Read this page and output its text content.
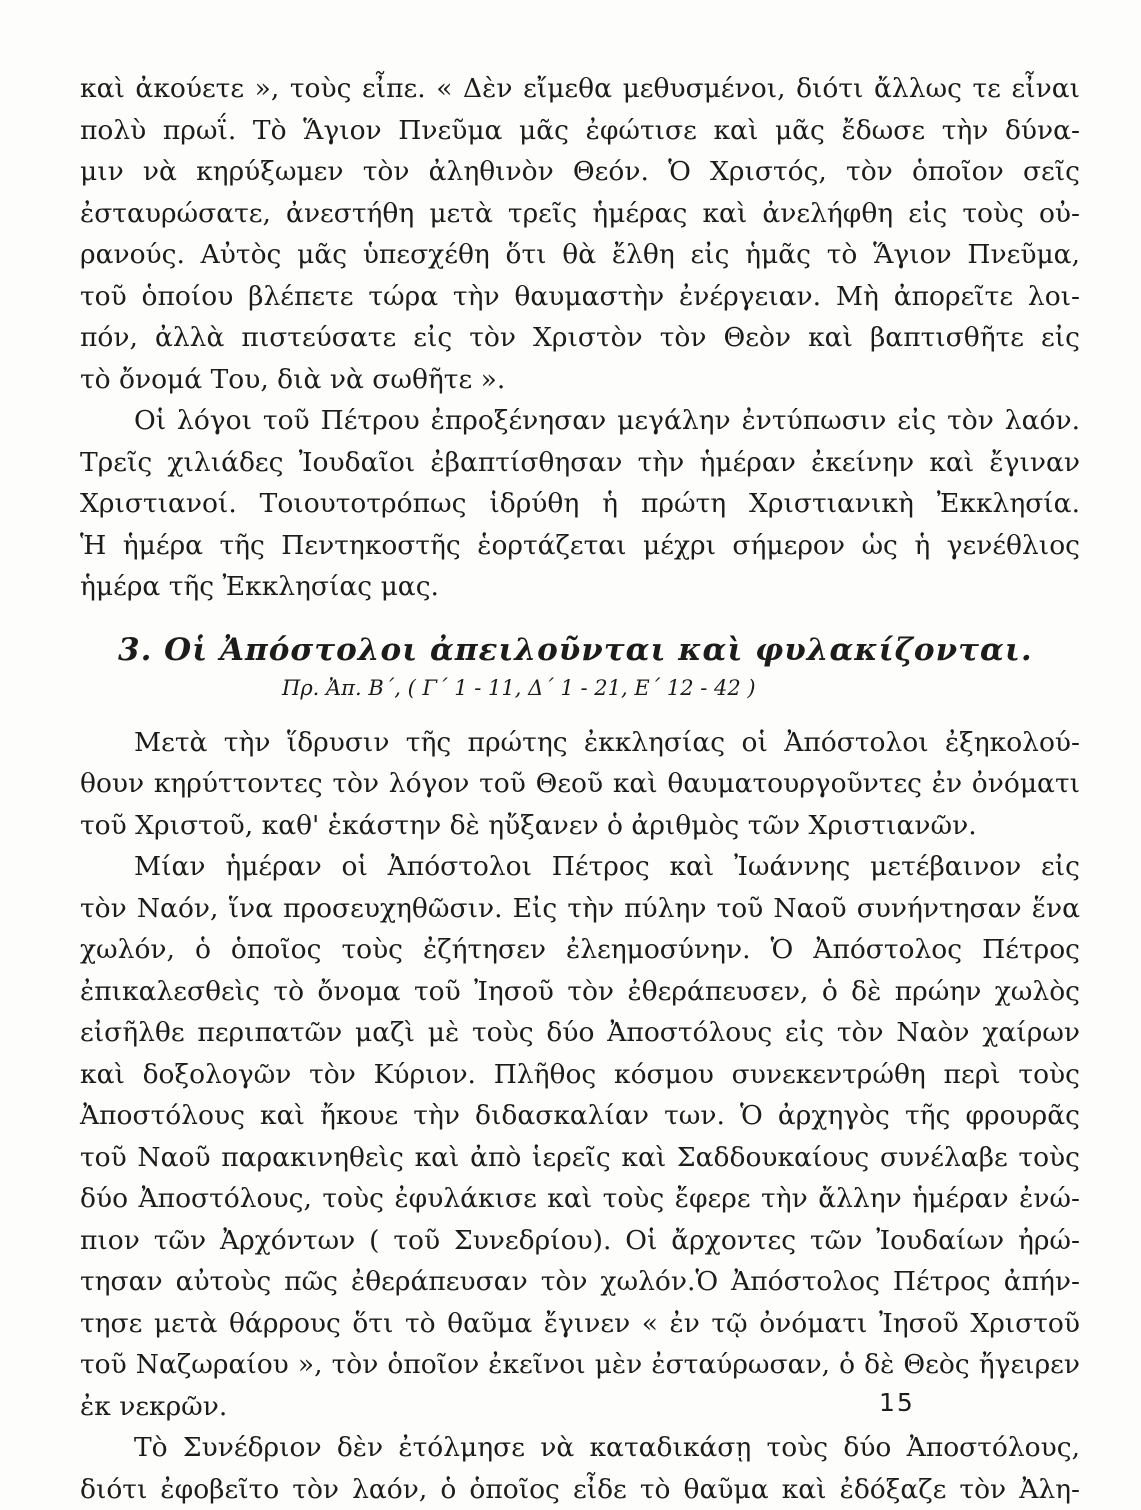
καὶ ἀκούετε », τοὺς εἶπε. « Δὲν εἴμεθα μεθυσμένοι, διότι ἄλλως τε εἶναι
πολὺ πρωΐ. Τὸ Ἅγιον Πνεῦμα μᾶς ἐφώτισε καὶ μᾶς ἔδωσε τὴν δύνα-
μιν νὰ κηρύξωμεν τὸν ἀληθινὸν Θεόν. Ὁ Χριστός, τὸν ὁποῖον σεῖς
ἐσταυρώσατε, ἀνεστήθη μετὰ τρεῖς ἡμέρας καὶ ἀνελήφθη εἰς τοὺς οὐ-
ρανούς. Αὐτὸς μᾶς ὑπεσχέθη ὅτι θὰ ἔλθη εἰς ἡμᾶς τὸ Ἅγιον Πνεῦμα,
τοῦ ὁποίου βλέπετε τώρα τὴν θαυμαστὴν ἐνέργειαν. Μὴ ἀπορεῖτε λοι-
πόν, ἀλλὰ πιστεύσατε εἰς τὸν Χριστὸν τὸν Θεὸν καὶ βαπτισθῆτε εἰς
τὸ ὄνομά Του, διὰ νὰ σωθῆτε ».
Οἱ λόγοι τοῦ Πέτρου ἐπροξένησαν μεγάλην ἐντύπωσιν εἰς τὸν λαόν.
Τρεῖς χιλιάδες Ἰουδαῖοι ἐβαπτίσθησαν τὴν ἡμέραν ἐκείνην καὶ ἔγιναν
Χριστιανοί. Τοιουτοτρόπως ἱδρύθη ἡ πρώτη Χριστιανικὴ Ἐκκλησία.
Ἡ ἡμέρα τῆς Πεντηκοστῆς ἑορτάζεται μέχρι σήμερον ὡς ἡ γενέθλιος
ἡμέρα τῆς Ἐκκλησίας μας.
3. Οἱ Ἀπόστολοι ἀπειλοῦνται καὶ φυλακίζονται.
Πρ. Ἀπ. Β΄, ( Γ΄ 1 - 11, Δ΄ 1 - 21, Ε΄ 12 - 42 )
Μετὰ τὴν ἵδρυσιν τῆς πρώτης ἐκκλησίας οἱ Ἀπόστολοι ἐξηκολού-
θουν κηρύττοντες τὸν λόγον τοῦ Θεοῦ καὶ θαυματουργοῦντες ἐν ὀνόματι
τοῦ Χριστοῦ, καθ' ἑκάστην δὲ ηὔξανεν ὁ ἀριθμὸς τῶν Χριστιανῶν.
Μίαν ἡμέραν οἱ Ἀπόστολοι Πέτρος καὶ Ἰωάννης μετέβαινον εἰς
τὸν Ναόν, ἵνα προσευχηθῶσιν. Εἰς τὴν πύλην τοῦ Ναοῦ συνήντησαν ἕνα
χωλόν, ὁ ὁποῖος τοὺς ἐζήτησεν ἐλεημοσύνην. Ὁ Ἀπόστολος Πέτρος
ἐπικαλεσθεὶς τὸ ὄνομα τοῦ Ἰησοῦ τὸν ἐθεράπευσεν, ὁ δὲ πρώην χωλὸς
εἰσῆλθε περιπατῶν μαζὶ μὲ τοὺς δύο Ἀποστόλους εἰς τὸν Ναὸν χαίρων
καὶ δοξολογῶν τὸν Κύριον. Πλῆθος κόσμου συνεκεντρώθη περὶ τοὺς
Ἀποστόλους καὶ ἤκουε τὴν διδασκαλίαν των. Ὁ ἀρχηγὸς τῆς φρουρᾶς
τοῦ Ναοῦ παρακινηθεὶς καὶ ἀπὸ ἱερεῖς καὶ Σαδδουκαίους συνέλαβε τοὺς
δύο Ἀποστόλους, τοὺς ἐφυλάκισε καὶ τοὺς ἔφερε τὴν ἄλλην ἡμέραν ἐνώ-
πιον τῶν Ἀρχόντων ( τοῦ Συνεδρίου). Οἱ ἄρχοντες τῶν Ἰουδαίων ἠρώ-
τησαν αὐτοὺς πῶς ἐθεράπευσαν τὸν χωλόν.Ὁ Ἀπόστολος Πέτρος ἀπήν-
τησε μετὰ θάρρους ὅτι τὸ θαῦμα ἔγινεν « ἐν τῷ ὀνόματι Ἰησοῦ Χριστοῦ
τοῦ Ναζωραίου », τὸν ὁποῖον ἐκεῖνοι μὲν ἐσταύρωσαν, ὁ δὲ Θεὸς ἤγειρεν
ἐκ νεκρῶν.
Τὸ Συνέδριον δὲν ἐτόλμησε νὰ καταδικάσῃ τοὺς δύο Ἀποστόλους,
διότι ἐφοβεῖτο τὸν λαόν, ὁ ὁποῖος εἶδε τὸ θαῦμα καὶ ἐδόξαζε τὸν Ἀλη-
15
